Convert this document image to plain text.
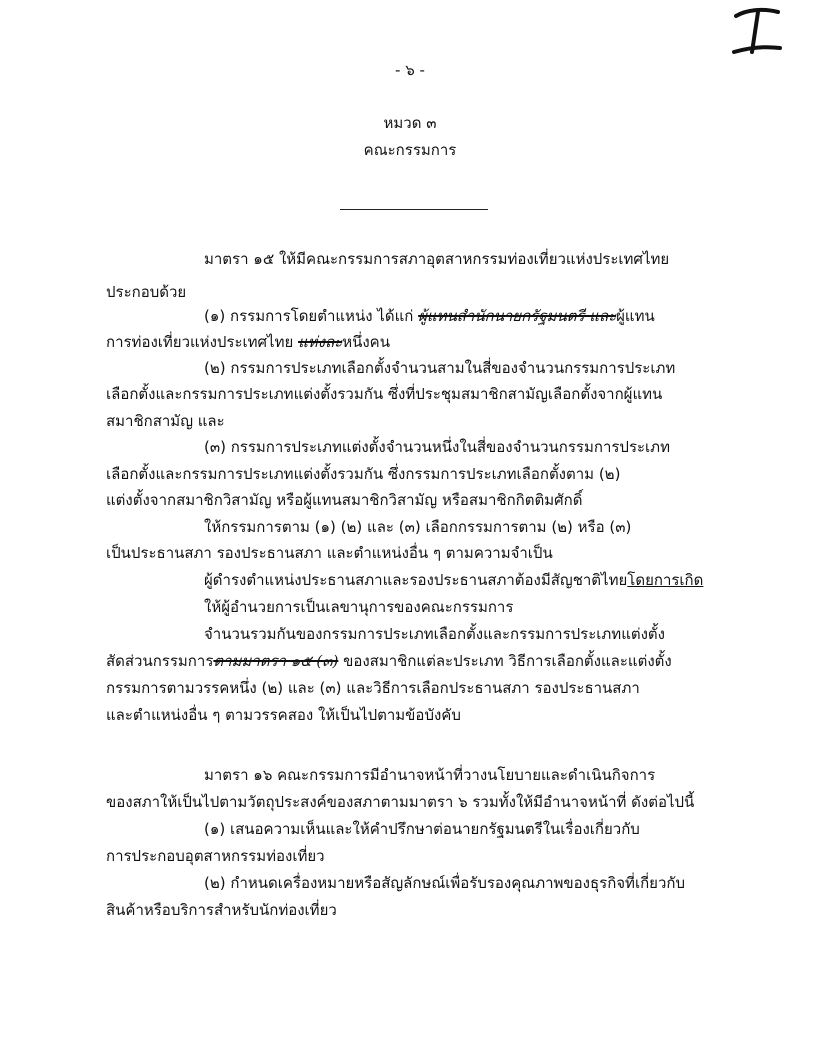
- ๖ -
หมวด ๓
คณะกรรมการ
มาตรา ๑๕ ให้มีคณะกรรมการสภาอุตสาหกรรมท่องเที่ยวแห่งประเทศไทย
ประกอบด้วย
(๑) กรรมการโดยตำแหน่ง ได้แก่ ผู้แทนสำนักนายกรัฐมนตรี และผู้แทน
การท่องเที่ยวแห่งประเทศไทย แห่งละหนึ่งคน
(๒) กรรมการประเภทเลือกตั้งจำนวนสามในสี่ของจำนวนกรรมการประเภท
เลือกตั้งและกรรมการประเภทแต่งตั้งรวมกัน ซึ่งที่ประชุมสมาชิกสามัญเลือกตั้งจากผู้แทน
สมาชิกสามัญ และ
(๓) กรรมการประเภทแต่งตั้งจำนวนหนึ่งในสี่ของจำนวนกรรมการประเภท
เลือกตั้งและกรรมการประเภทแต่งตั้งรวมกัน ซึ่งกรรมการประเภทเลือกตั้งตาม (๒)
แต่งตั้งจากสมาชิกวิสามัญ หรือผู้แทนสมาชิกวิสามัญ หรือสมาชิกกิตติมศักดิ์
ให้กรรมการตาม (๑) (๒) และ (๓) เลือกกรรมการตาม (๒) หรือ (๓)
เป็นประธานสภา รองประธานสภา และตำแหน่งอื่น ๆ ตามความจำเป็น
ผู้ดำรงตำแหน่งประธานสภาและรองประธานสภาต้องมีสัญชาติไทยโดยการเกิด
ให้ผู้อำนวยการเป็นเลขานุการของคณะกรรมการ
จำนวนรวมกันของกรรมการประเภทเลือกตั้งและกรรมการประเภทแต่งตั้ง
สัดส่วนกรรมการตามมาตรา ๑๕ (๓) ของสมาชิกแต่ละประเภท วิธีการเลือกตั้งและแต่งตั้ง
กรรมการตามวรรคหนึ่ง (๒) และ (๓) และวิธีการเลือกประธานสภา รองประธานสภา
และตำแหน่งอื่น ๆ ตามวรรคสอง ให้เป็นไปตามข้อบังคับ
มาตรา ๑๖ คณะกรรมการมีอำนาจหน้าที่วางนโยบายและดำเนินกิจการ
ของสภาให้เป็นไปตามวัตถุประสงค์ของสภาตามมาตรา ๖ รวมทั้งให้มีอำนาจหน้าที่ ดังต่อไปนี้
(๑) เสนอความเห็นและให้คำปรึกษาต่อนายกรัฐมนตรีในเรื่องเกี่ยวกับ
การประกอบอุตสาหกรรมท่องเที่ยว
(๒) กำหนดเครื่องหมายหรือสัญลักษณ์เพื่อรับรองคุณภาพของธุรกิจที่เกี่ยวกับ
สินค้าหรือบริการสำหรับนักท่องเที่ยว
